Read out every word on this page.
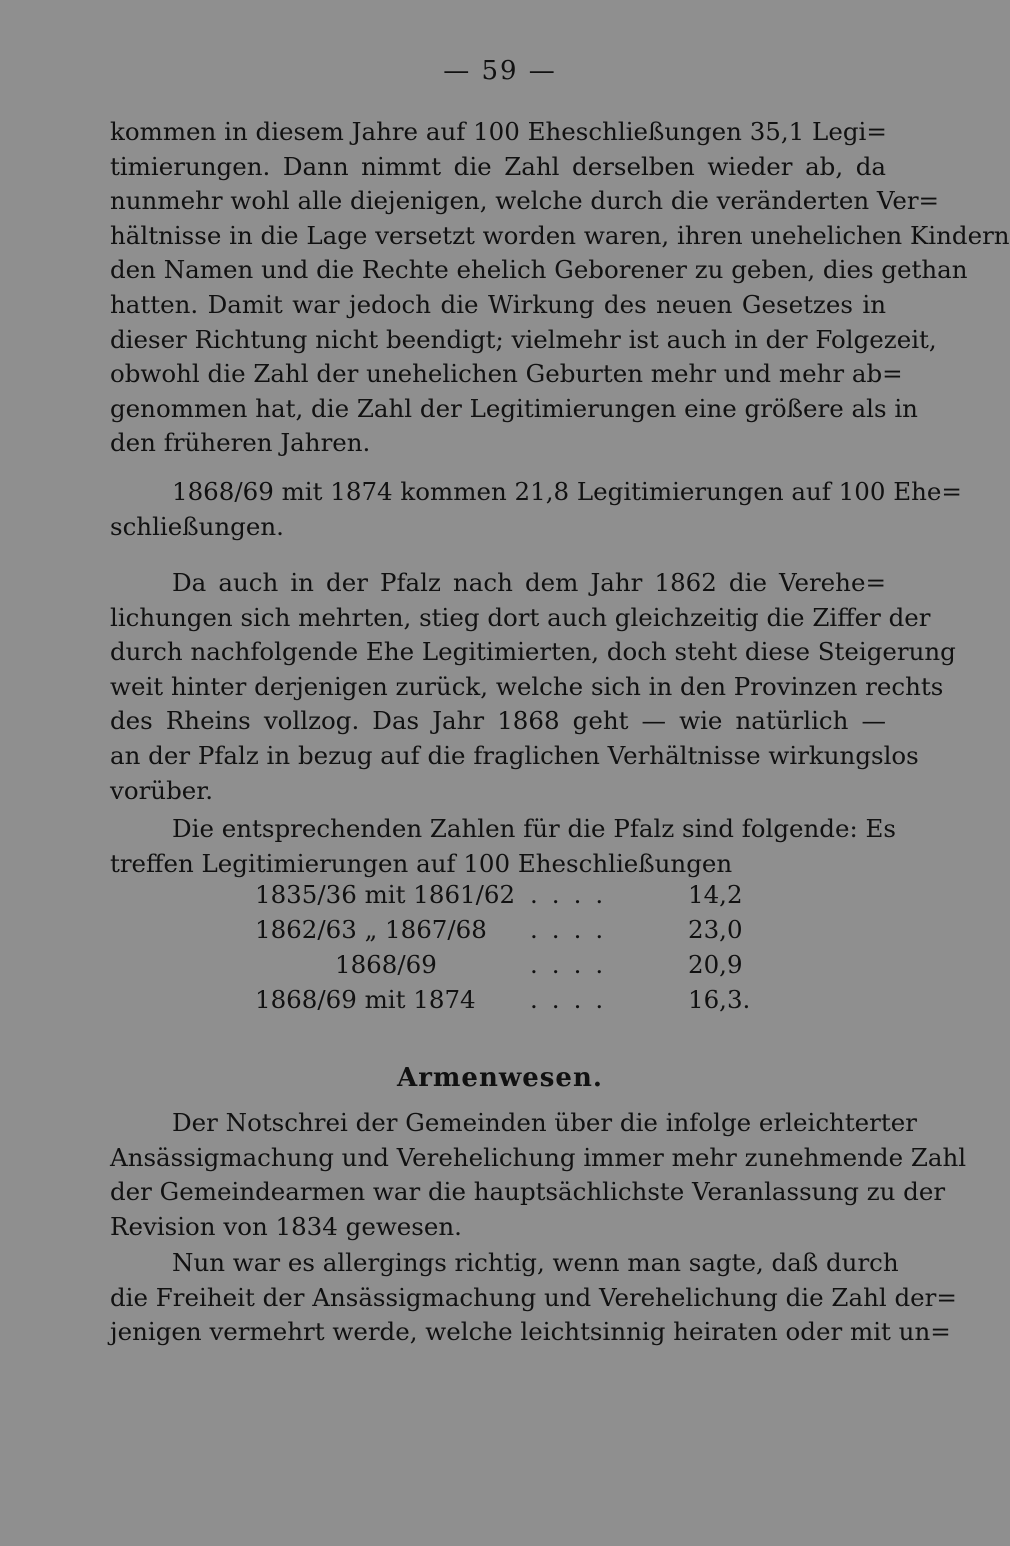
— 59 —
kommen in diesem Jahre auf 100 Eheschließungen 35,1 Legi=
timierungen. Dann nimmt die Zahl derselben wieder ab, da
nunmehr wohl alle diejenigen, welche durch die veränderten Ver=
hältnisse in die Lage versetzt worden waren, ihren unehelichen Kindern
den Namen und die Rechte ehelich Geborener zu geben, dies gethan
hatten. Damit war jedoch die Wirkung des neuen Gesetzes in
dieser Richtung nicht beendigt; vielmehr ist auch in der Folgezeit,
obwohl die Zahl der unehelichen Geburten mehr und mehr ab=
genommen hat, die Zahl der Legitimierungen eine größere als in
den früheren Jahren.
1868/69 mit 1874 kommen 21,8 Legitimierungen auf 100 Ehe=
schließungen.
Da auch in der Pfalz nach dem Jahr 1862 die Verehe=
lichungen sich mehrten, stieg dort auch gleichzeitig die Ziffer der
durch nachfolgende Ehe Legitimierten, doch steht diese Steigerung
weit hinter derjenigen zurück, welche sich in den Provinzen rechts
des Rheins vollzog. Das Jahr 1868 geht — wie natürlich —
an der Pfalz in bezug auf die fraglichen Verhältnisse wirkungslos
vorüber.
Die entsprechenden Zahlen für die Pfalz sind folgende: Es
treffen Legitimierungen auf 100 Eheschließungen
1835/36 mit 1861/62 ....	14,2
1862/63 „ 1867/68 ....	23,0
1868/69	....	20,9
1868/69 mit 1874 ....	16,3.
Armenwesen.
Der Notschrei der Gemeinden über die infolge erleichterter
Ansässigmachung und Verehelichung immer mehr zunehmende Zahl
der Gemeindearmen war die hauptsächlichste Veranlassung zu der
Revision von 1834 gewesen.
Nun war es allergings richtig, wenn man sagte, daß durch
die Freiheit der Ansässigmachung und Verehelichung die Zahl der=
jenigen vermehrt werde, welche leichtsinnig heiraten oder mit un=
